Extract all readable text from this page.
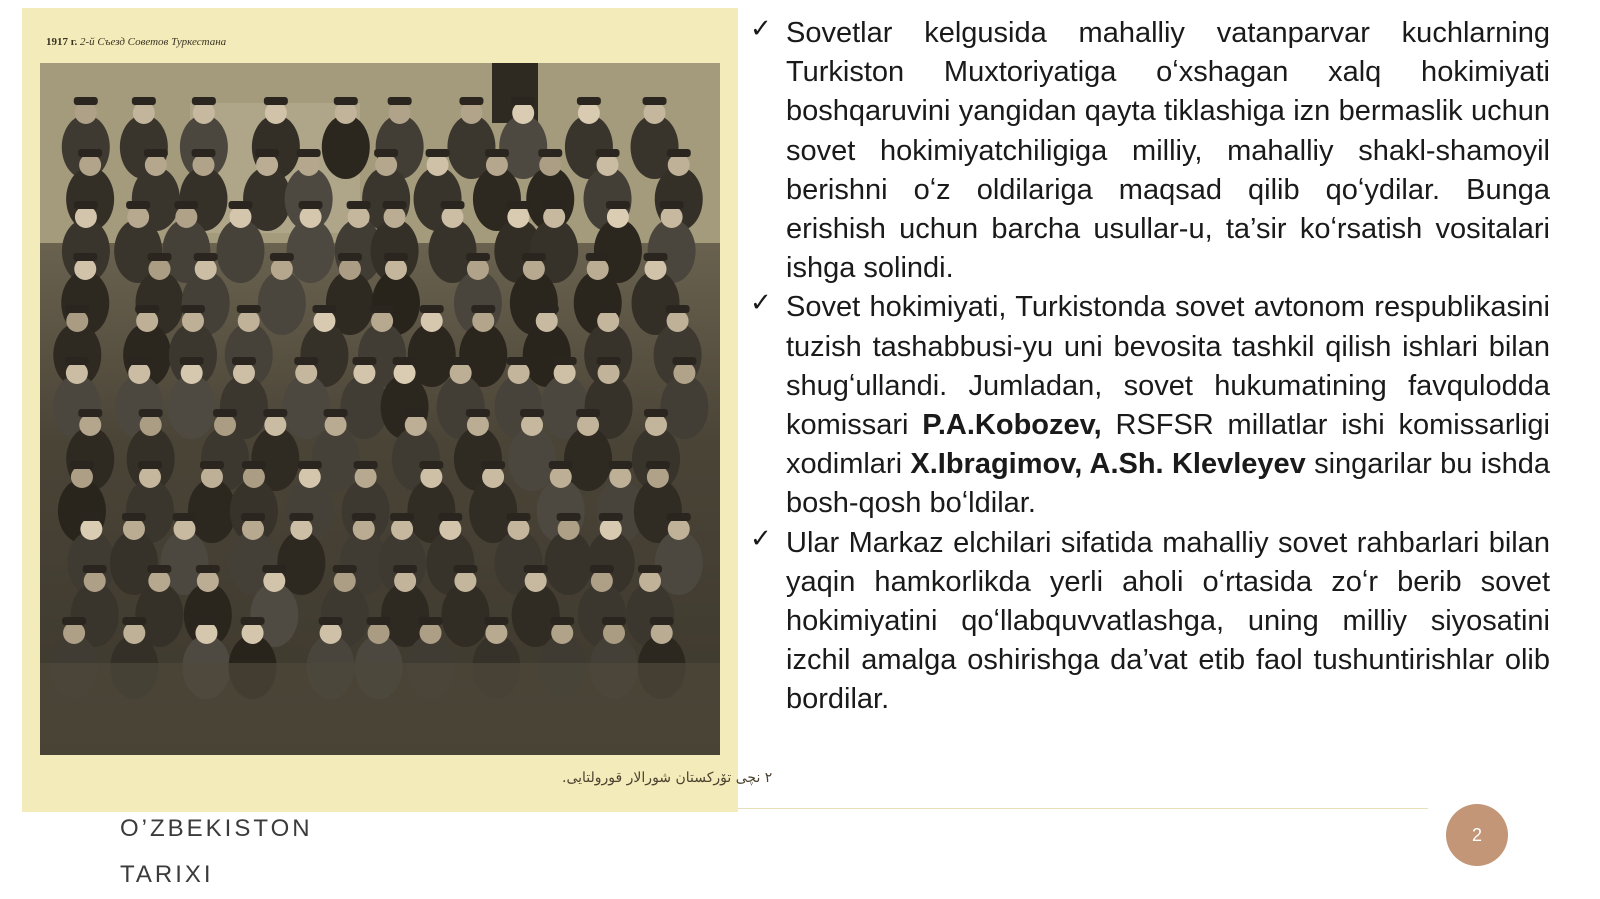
1917 г. 2-й Съезд Советов Туркестана
۲ نچی تۆركستان شورالار قورولتايى.
✓ Sovetlar kelgusida mahalliy vatanparvar kuchlarning Turkiston Muxtoriyatiga oʻxshagan xalq hokimiyati boshqaruvini yangidan qayta tiklashiga izn bermaslik uchun sovet hokimiyatchiligiga milliy, mahalliy shakl-shamoyil berishni oʻz oldilariga maqsad qilib qoʻydilar. Bunga erishish uchun barcha usullar-u, ta’sir koʻrsatish vositalari ishga solindi.
✓ Sovet hokimiyati, Turkistonda sovet avtonom respublikasini tuzish tashabbusi-yu uni bevosita tashkil qilish ishlari bilan shugʻullandi. Jumladan, sovet hukumatining favqulodda komissari P.A.Kobozev, RSFSR millatlar ishi komissarligi xodimlari X.Ibragimov, A.Sh. Klevleyev singarilar bu ishda bosh-qosh boʻldilar.
✓ Ular Markaz elchilari sifatida mahalliy sovet rahbarlari bilan yaqin hamkorlikda yerli aholi oʻrtasida zoʻr berib sovet hokimiyatini qoʻllabquvvatlashga, uning milliy siyosatini izchil amalga oshirishga da’vat etib faol tushuntirishlar olib bordilar.
O’ZBEKISTON
TARIXI
2
